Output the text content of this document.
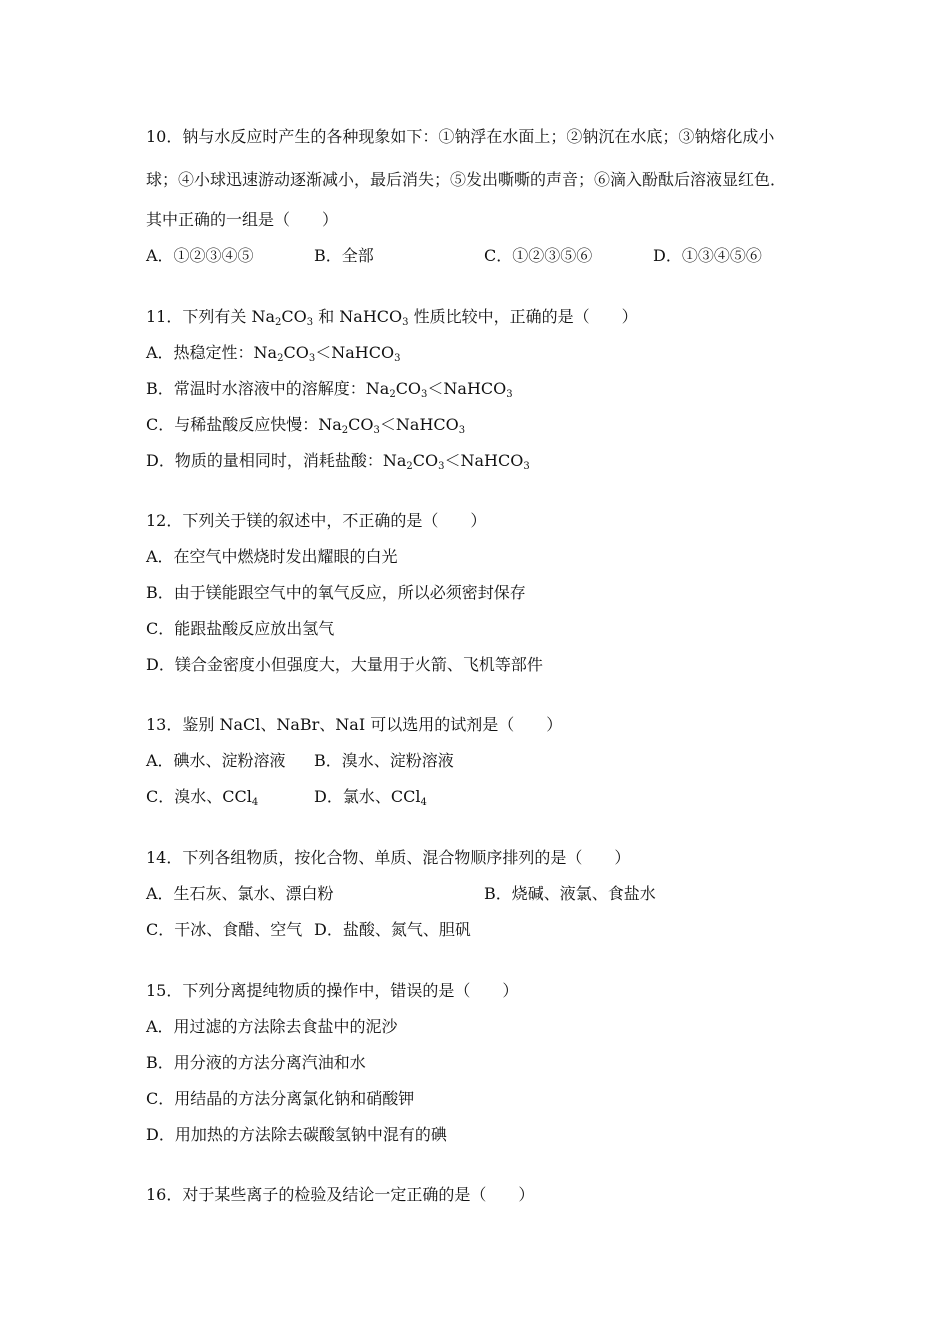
10．钠与水反应时产生的各种现象如下：①钠浮在水面上；②钠沉在水底；③钠熔化成小
球；④小球迅速游动逐渐减小，最后消失；⑤发出嘶嘶的声音；⑥滴入酚酞后溶液显红色．
其中正确的一组是（　　）
A．①②③④⑤	B．全部	C．①②③⑤⑥	D．①③④⑤⑥
11．下列有关 $Na_2CO_3$ 和 NaHCO$_3$ 性质比较中，正确的是（　　）
A．热稳定性：$Na_2CO_3<NaHCO_3$
B．常温时水溶液中的溶解度：$Na_2CO_3<NaHCO_3$
C．与稀盐酸反应快慢：$Na_2CO_3<NaHCO_3$
D．物质的量相同时，消耗盐酸：$Na_2CO_3<NaHCO_3$
12．下列关于镁的叙述中，不正确的是（　　）
A．在空气中燃烧时发出耀眼的白光
B．由于镁能跟空气中的氧气反应，所以必须密封保存
C．能跟盐酸反应放出氢气
D．镁合金密度小但强度大，大量用于火箭、飞机等部件
13．鉴别 NaCl、NaBr、NaI 可以选用的试剂是（　　）
A．碘水、淀粉溶液 B．溴水、淀粉溶液
C．溴水、CCl$_4$	D．氯水、CCl$_4$
14．下列各组物质，按化合物、单质、混合物顺序排列的是（　　）
A．生石灰、氯水、漂白粉	B．烧碱、液氯、食盐水
C．干冰、食醋、空气 D．盐酸、氮气、胆矾
15．下列分离提纯物质的操作中，错误的是（　　）
A．用过滤的方法除去食盐中的泥沙
B．用分液的方法分离汽油和水
C．用结晶的方法分离氯化钠和硝酸钾
D．用加热的方法除去碳酸氢钠中混有的碘
16．对于某些离子的检验及结论一定正确的是（　　）
